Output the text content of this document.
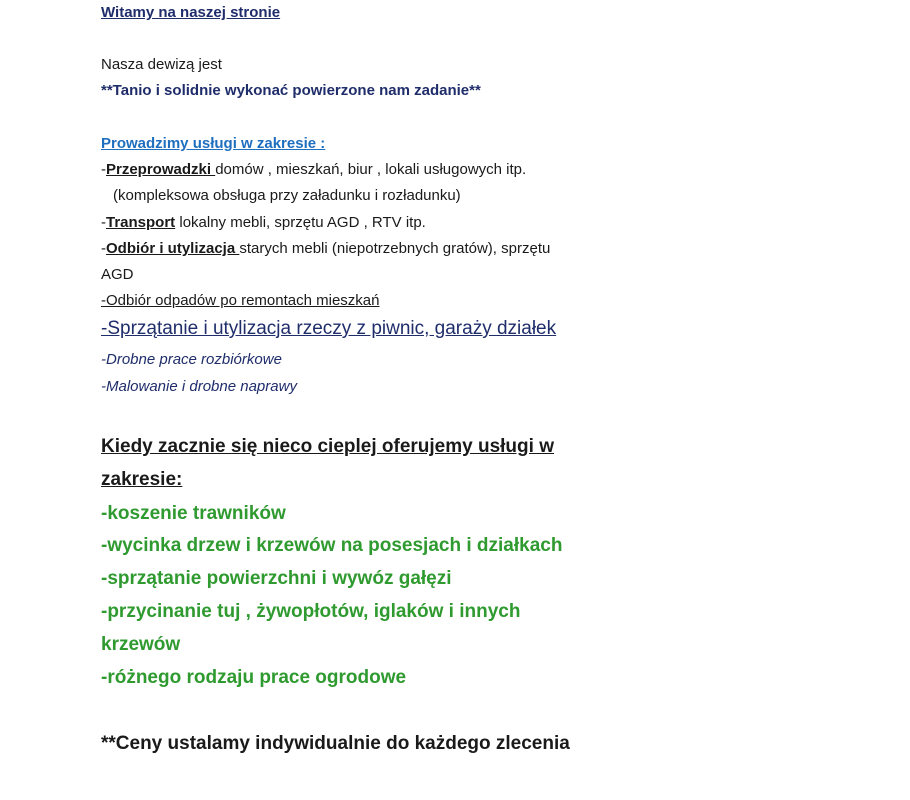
Witamy na naszej stronie
Nasza dewizą jest
**Tanio i solidnie wykonać powierzone nam zadanie**
Prowadzimy usługi w zakresie :
-Przeprowadzki domów , mieszkań, biur , lokali usługowych itp.
(kompleksowa obsługa przy załadunku i rozładunku)
-Transport lokalny mebli, sprzętu AGD , RTV itp.
-Odbiór i utylizacja starych mebli (niepotrzebnych gratów), sprzętu
AGD
-Odbiór odpadów po remontach mieszkań
-Sprzątanie i utylizacja rzeczy z piwnic, garaży działek
-Drobne prace rozbiórkowe
-Malowanie i drobne naprawy
Kiedy zacznie się nieco cieplej oferujemy usługi w
zakresie:
-koszenie trawników
-wycinka drzew i krzewów na posesjach i działkach
-sprzątanie powierzchni i wywóz gałęzi
-przycinanie tuj , żywopłotów, iglaków i innych
krzewów
-różnego rodzaju prace ogrodowe
**Ceny ustalamy indywidualnie do każdego zlecenia
